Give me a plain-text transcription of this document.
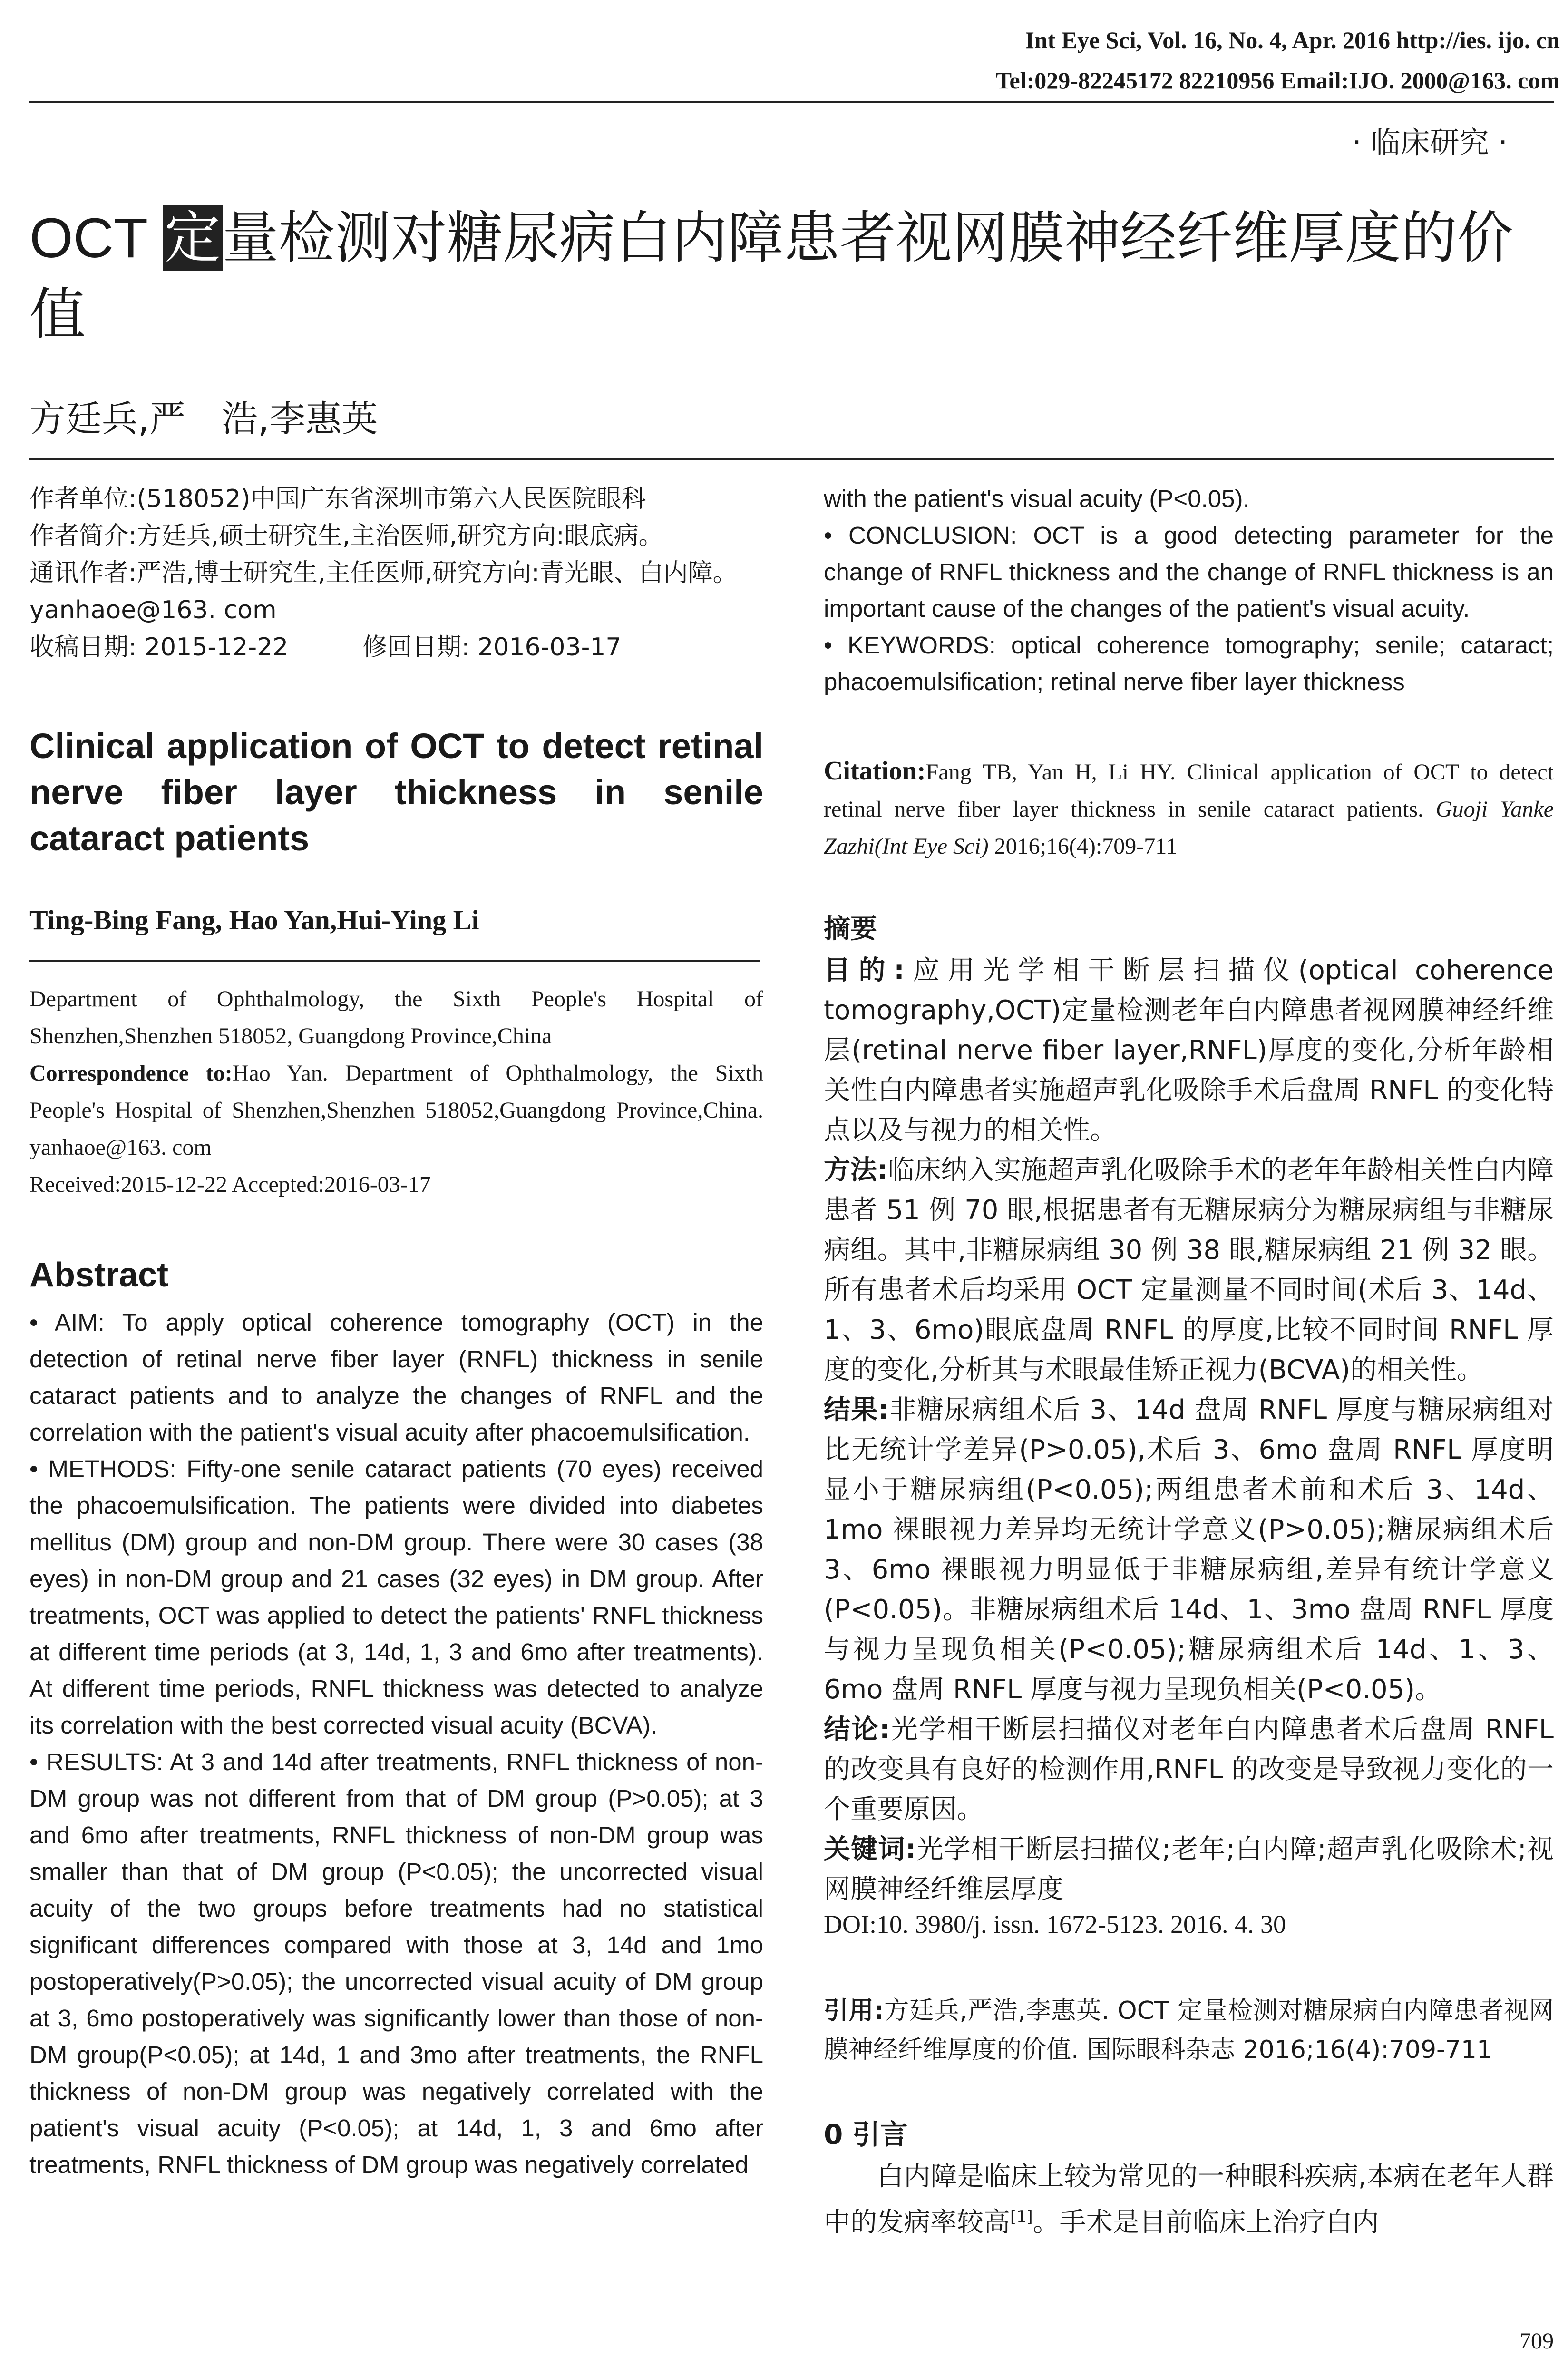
Int Eye Sci, Vol. 16, No. 4, Apr. 2016 http://ies. ijo. cn
Tel:029-82245172 82210956 Email:IJO. 2000@163. com
· 临床研究 ·
OCT 定量检测对糖尿病白内障患者视网膜神经纤维厚度的价值
方廷兵,严　浩,李惠英

作者单位:(518052)中国广东省深圳市第六人民医院眼科

作者简介:方廷兵,硕士研究生,主治医师,研究方向:眼底病。

通讯作者:严浩,博士研究生,主任医师,研究方向:青光眼、白内障。yanhaoe@163. com

收稿日期: 2015-12-22　　　修回日期: 2016-03-17

Clinical application of OCT to detect retinal nerve fiber layer thickness in senile cataract patients
Ting-Bing Fang, Hao Yan,Hui-Ying Li

Department of Ophthalmology, the Sixth People's Hospital of Shenzhen,Shenzhen 518052, Guangdong Province,China

Correspondence to:Hao Yan. Department of Ophthalmology, the Sixth People's Hospital of Shenzhen,Shenzhen 518052,Guangdong Province,China. yanhaoe@163. com

Received:2015-12-22 Accepted:2016-03-17

Abstract

• AIM: To apply optical coherence tomography (OCT) in the detection of retinal nerve fiber layer (RNFL) thickness in senile cataract patients and to analyze the changes of RNFL and the correlation with the patient's visual acuity after phacoemulsification.

• METHODS: Fifty-one senile cataract patients (70 eyes) received the phacoemulsification. The patients were divided into diabetes mellitus (DM) group and non-DM group. There were 30 cases (38 eyes) in non-DM group and 21 cases (32 eyes) in DM group. After treatments, OCT was applied to detect the patients' RNFL thickness at different time periods (at 3, 14d, 1, 3 and 6mo after treatments). At different time periods, RNFL thickness was detected to analyze its correlation with the best corrected visual acuity (BCVA).

• RESULTS: At 3 and 14d after treatments, RNFL thickness of non-DM group was not different from that of DM group (P>0.05); at 3 and 6mo after treatments, RNFL thickness of non-DM group was smaller than that of DM group (P<0.05); the uncorrected visual acuity of the two groups before treatments had no statistical significant differences compared with those at 3, 14d and 1mo postoperatively(P>0.05); the uncorrected visual acuity of DM group at 3, 6mo postoperatively was significantly lower than those of non-DM group(P<0.05); at 14d, 1 and 3mo after treatments, the RNFL thickness of non-DM group was negatively correlated with the patient's visual acuity (P<0.05); at 14d, 1, 3 and 6mo after treatments, RNFL thickness of DM group was negatively correlated

with the patient's visual acuity (P<0.05).

• CONCLUSION: OCT is a good detecting parameter for the change of RNFL thickness and the change of RNFL thickness is an important cause of the changes of the patient's visual acuity.

• KEYWORDS: optical coherence tomography; senile; cataract; phacoemulsification; retinal nerve fiber layer thickness

Citation:Fang TB, Yan H, Li HY. Clinical application of OCT to detect retinal nerve fiber layer thickness in senile cataract patients. Guoji Yanke Zazhi(Int Eye Sci) 2016;16(4):709-711

摘要

目的:应用光学相干断层扫描仪(optical coherence tomography,OCT)定量检测老年白内障患者视网膜神经纤维层(retinal nerve fiber layer,RNFL)厚度的变化,分析年龄相关性白内障患者实施超声乳化吸除手术后盘周 RNFL 的变化特点以及与视力的相关性。

方法:临床纳入实施超声乳化吸除手术的老年年龄相关性白内障患者 51 例 70 眼,根据患者有无糖尿病分为糖尿病组与非糖尿病组。其中,非糖尿病组 30 例 38 眼,糖尿病组 21 例 32 眼。所有患者术后均采用 OCT 定量测量不同时间(术后 3、14d、1、3、6mo)眼底盘周 RNFL 的厚度,比较不同时间 RNFL 厚度的变化,分析其与术眼最佳矫正视力(BCVA)的相关性。

结果:非糖尿病组术后 3、14d 盘周 RNFL 厚度与糖尿病组对比无统计学差异(P>0.05),术后 3、6mo 盘周 RNFL 厚度明显小于糖尿病组(P<0.05);两组患者术前和术后 3、14d、1mo 裸眼视力差异均无统计学意义(P>0.05);糖尿病组术后 3、6mo 裸眼视力明显低于非糖尿病组,差异有统计学意义(P<0.05)。非糖尿病组术后 14d、1、3mo 盘周 RNFL 厚度与视力呈现负相关(P<0.05);糖尿病组术后 14d、1、3、6mo 盘周 RNFL 厚度与视力呈现负相关(P<0.05)。

结论:光学相干断层扫描仪对老年白内障患者术后盘周 RNFL 的改变具有良好的检测作用,RNFL 的改变是导致视力变化的一个重要原因。

关键词:光学相干断层扫描仪;老年;白内障;超声乳化吸除术;视网膜神经纤维层厚度

DOI:10. 3980/j. issn. 1672-5123. 2016. 4. 30

引用:方廷兵,严浩,李惠英. OCT 定量检测对糖尿病白内障患者视网膜神经纤维厚度的价值. 国际眼科杂志 2016;16(4):709-711

0 引言

白内障是临床上较为常见的一种眼科疾病,本病在老年人群中的发病率较高[1]。手术是目前临床上治疗白内

709
